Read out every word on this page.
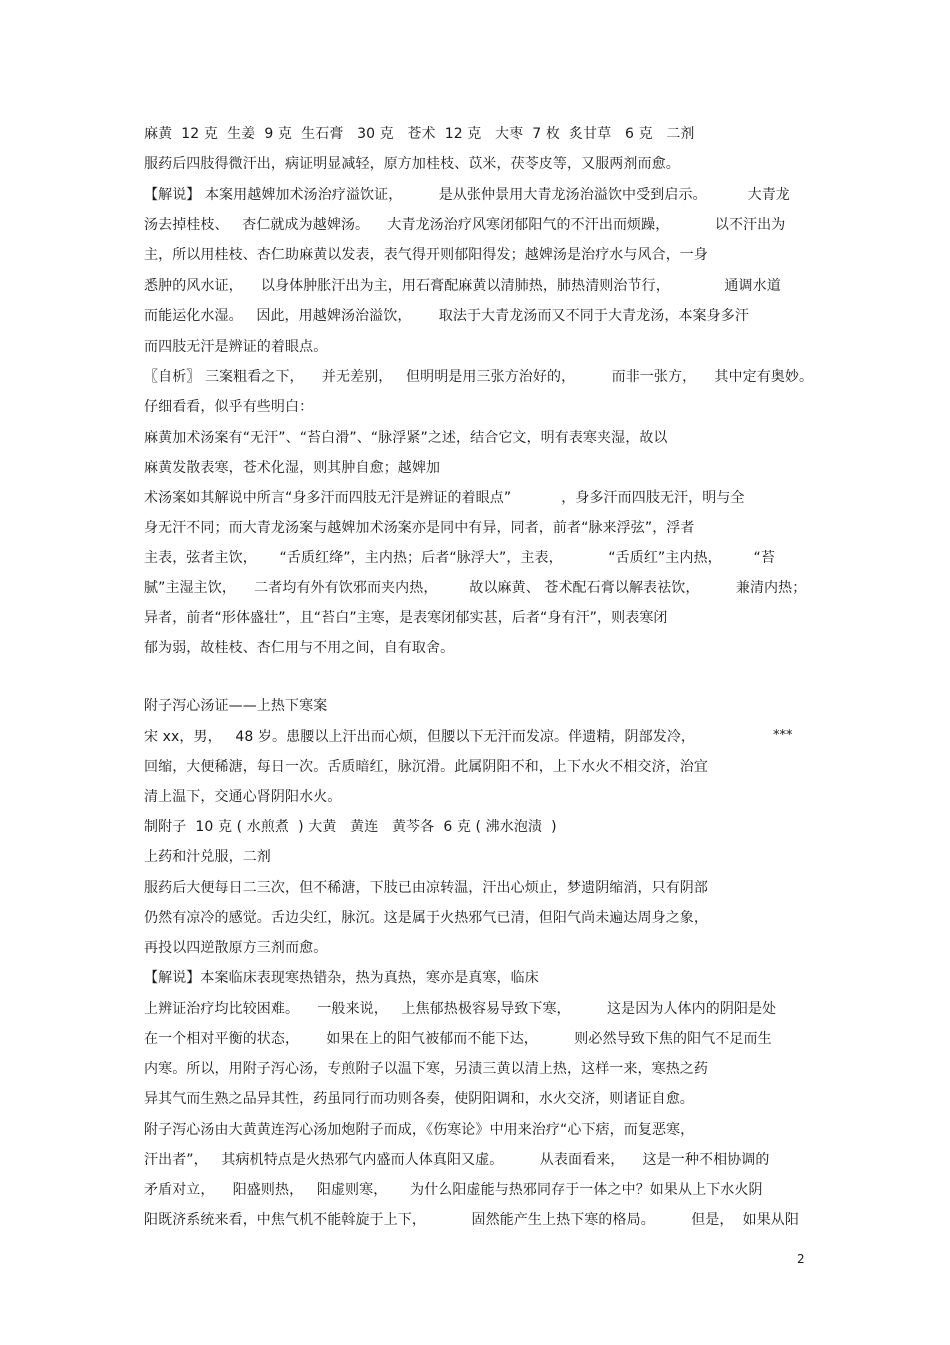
麻黄  12 克  生姜  9 克  生石膏   30 克   苍术  12 克   大枣  7 枚  炙甘草   6 克   二剂
服药后四肢得微汗出，病证明显减轻，原方加桂枝、苡米，茯苓皮等，又服两剂而愈。
【解说】 本案用越婢加术汤治疗溢饮证，        是从张仲景用大青龙汤治溢饮中受到启示。         大青龙
汤去掉桂枝、   杏仁就成为越婢汤。    大青龙汤治疗风寒闭郁阳气的不汗出而烦躁，          以不汗出为
主，所以用桂枝、杏仁助麻黄以发表，表气得开则郁阳得发；越婢汤是治疗水与风合，一身
悉肿的风水证，    以身体肿胀汗出为主，用石膏配麻黄以清肺热，肺热清则治节行，            通调水道
而能运化水湿。   因此，用越婢汤治溢饮，      取法于大青龙汤而又不同于大青龙汤，本案身多汗
而四肢无汗是辨证的着眼点。
〖自析〗 三案粗看之下，    并无差别，   但明明是用三张方治好的，        而非一张方，    其中定有奥妙。
仔细看看，似乎有些明白：
麻黄加术汤案有“无汗”、“苔白滑”、“脉浮紧”之述，结合它文，明有表寒夹湿，故以
麻黄发散表寒，苍术化湿，则其肿自愈；越婢加
术汤案如其解说中所言“身多汗而四肢无汗是辨证的着眼点”           ，身多汗而四肢无汗，明与全
身无汗不同；而大青龙汤案与越婢加术汤案亦是同中有异，同者，前者“脉来浮弦”，浮者
主表，弦者主饮，     “舌质红绛”，主内热；后者“脉浮大”，主表，          “舌质红”主内热，       “苔
腻”主湿主饮，    二者均有外有饮邪而夹内热，       故以麻黄、 苍术配石膏以解表祛饮，        兼清内热；
异者，前者“形体盛壮”，且“苔白”主寒，是表寒闭郁实甚，后者“身有汗”，则表寒闭
郁为弱，故桂枝、杏仁用与不用之间，自有取舍。
附子泻心汤证——上热下寒案
宋 xx，男，   48 岁。患腰以上汗出而心烦，但腰以下无汗而发凉。伴遗精，阴部发冷，	***
回缩，大便稀溏，每日一次。舌质暗红，脉沉滑。此属阴阳不和，上下水火不相交济，治宜
清上温下，交通心肾阴阳水火。
制附子  10 克 ( 水煎煮  ) 大黄   黄连   黄芩各  6 克 ( 沸水泡渍  )
上药和汁兑服，二剂
服药后大便每日二三次，但不稀溏，下肢已由凉转温，汗出心烦止，梦遗阴缩消，只有阴部
仍然有凉冷的感觉。舌边尖红，脉沉。这是属于火热邪气已清，但阳气尚未遍达周身之象，
再投以四逆散原方三剂而愈。
【解说】本案临床表现寒热错杂，热为真热，寒亦是真寒，临床
上辨证治疗均比较困难。    一般来说，   上焦郁热极容易导致下寒，        这是因为人体内的阴阳是处
在一个相对平衡的状态，      如果在上的阳气被郁而不能下达，        则必然导致下焦的阳气不足而生
内寒。所以，用附子泻心汤，专煎附子以温下寒，另渍三黄以清上热，这样一来，寒热之药
异其气而生熟之品异其性，药虽同行而功则各奏，使阴阳调和，水火交济，则诸证自愈。
附子泻心汤由大黄黄连泻心汤加炮附子而成，《伤寒论》中用来治疗“心下痞，而复恶寒，
汗出者”，   其病机特点是火热邪气内盛而人体真阳又虚。        从表面看来，    这是一种不相协调的
矛盾对立，    阳盛则热，   阳虚则寒，     为什么阳虚能与热邪同存于一体之中？如果从上下水火阴
阳既济系统来看，中焦气机不能斡旋于上下，          固然能产生上热下寒的格局。        但是，  如果从阳
2
